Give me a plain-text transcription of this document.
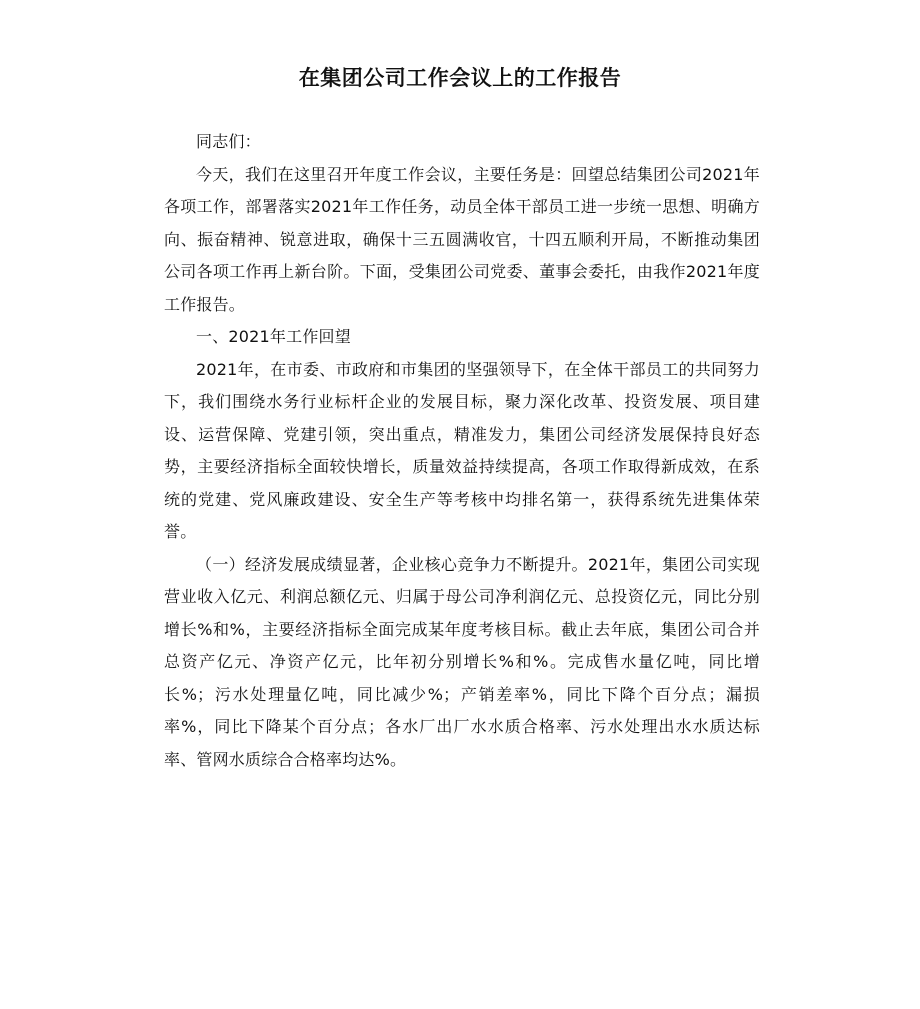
在集团公司工作会议上的工作报告

同志们：

今天，我们在这里召开年度工作会议，主要任务是：回望总结集团公司2021年各项工作，部署落实2021年工作任务，动员全体干部员工进一步统一思想、明确方向、振奋精神、锐意进取，确保十三五圆满收官，十四五顺利开局，不断推动集团公司各项工作再上新台阶。下面，受集团公司党委、董事会委托，由我作2021年度工作报告。

一、2021年工作回望

2021年，在市委、市政府和市集团的坚强领导下，在全体干部员工的共同努力下，我们围绕水务行业标杆企业的发展目标，聚力深化改革、投资发展、项目建设、运营保障、党建引领，突出重点，精准发力，集团公司经济发展保持良好态势，主要经济指标全面较快增长，质量效益持续提高，各项工作取得新成效，在系统的党建、党风廉政建设、安全生产等考核中均排名第一，获得系统先进集体荣誉。

（一）经济发展成绩显著，企业核心竞争力不断提升。2021年，集团公司实现营业收入亿元、利润总额亿元、归属于母公司净利润亿元、总投资亿元，同比分别增长%和%，主要经济指标全面完成某年度考核目标。截止去年底，集团公司合并总资产亿元、净资产亿元，比年初分别增长%和%。完成售水量亿吨，同比增长%；污水处理量亿吨，同比减少%；产销差率%，同比下降个百分点；漏损率%，同比下降某个百分点；各水厂出厂水水质合格率、污水处理出水水质达标率、管网水质综合合格率均达%。
